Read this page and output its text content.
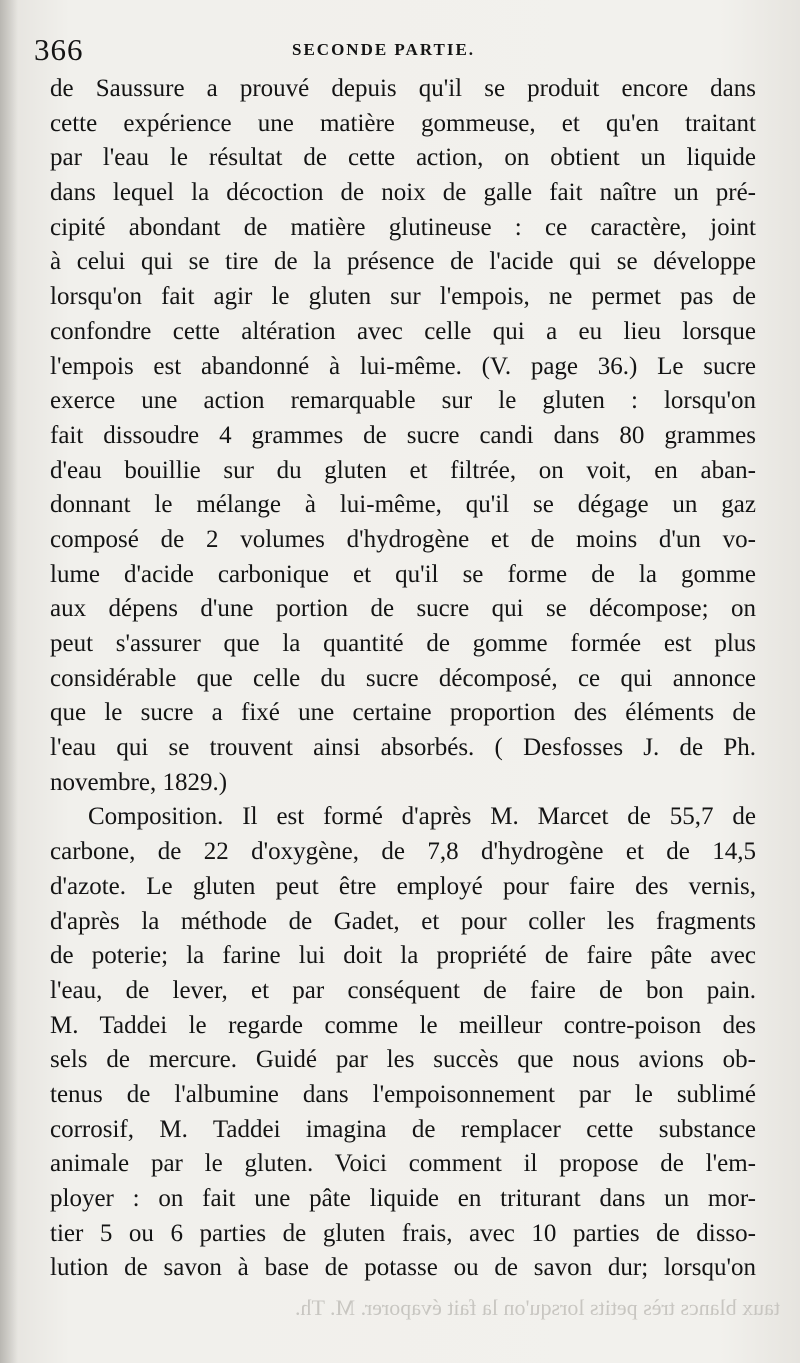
366	SECONDE PARTIE.
de Saussure a prouvé depuis qu'il se produit encore dans
cette expérience une matière gommeuse, et qu'en traitant
par l'eau le résultat de cette action, on obtient un liquide
dans lequel la décoction de noix de galle fait naître un pré-
cipité abondant de matière glutineuse : ce caractère, joint
à celui qui se tire de la présence de l'acide qui se développe
lorsqu'on fait agir le gluten sur l'empois, ne permet pas de
confondre cette altération avec celle qui a eu lieu lorsque
l'empois est abandonné à lui-même. (V. page 36.) Le sucre
exerce une action remarquable sur le gluten : lorsqu'on
fait dissoudre 4 grammes de sucre candi dans 80 grammes
d'eau bouillie sur du gluten et filtrée, on voit, en aban-
donnant le mélange à lui-même, qu'il se dégage un gaz
composé de 2 volumes d'hydrogène et de moins d'un vo-
lume d'acide carbonique et qu'il se forme de la gomme
aux dépens d'une portion de sucre qui se décompose; on
peut s'assurer que la quantité de gomme formée est plus
considérable que celle du sucre décomposé, ce qui annonce
que le sucre a fixé une certaine proportion des éléments de
l'eau qui se trouvent ainsi absorbés. ( Desfosses J. de Ph.
novembre, 1829.)
Composition. Il est formé d'après M. Marcet de 55,7 de
carbone, de 22 d'oxygène, de 7,8 d'hydrogène et de 14,5
d'azote. Le gluten peut être employé pour faire des vernis,
d'après la méthode de Gadet, et pour coller les fragments
de poterie; la farine lui doit la propriété de faire pâte avec
l'eau, de lever, et par conséquent de faire de bon pain.
M. Taddei le regarde comme le meilleur contre-poison des
sels de mercure. Guidé par les succès que nous avions ob-
tenus de l'albumine dans l'empoisonnement par le sublimé
corrosif, M. Taddei imagina de remplacer cette substance
animale par le gluten. Voici comment il propose de l'em-
ployer : on fait une pâte liquide en triturant dans un mor-
tier 5 ou 6 parties de gluten frais, avec 10 parties de disso-
lution de savon à base de potasse ou de savon dur; lorsqu'on
taux blancs très petits lorsqu'on la fait évaporer. M. Th.
